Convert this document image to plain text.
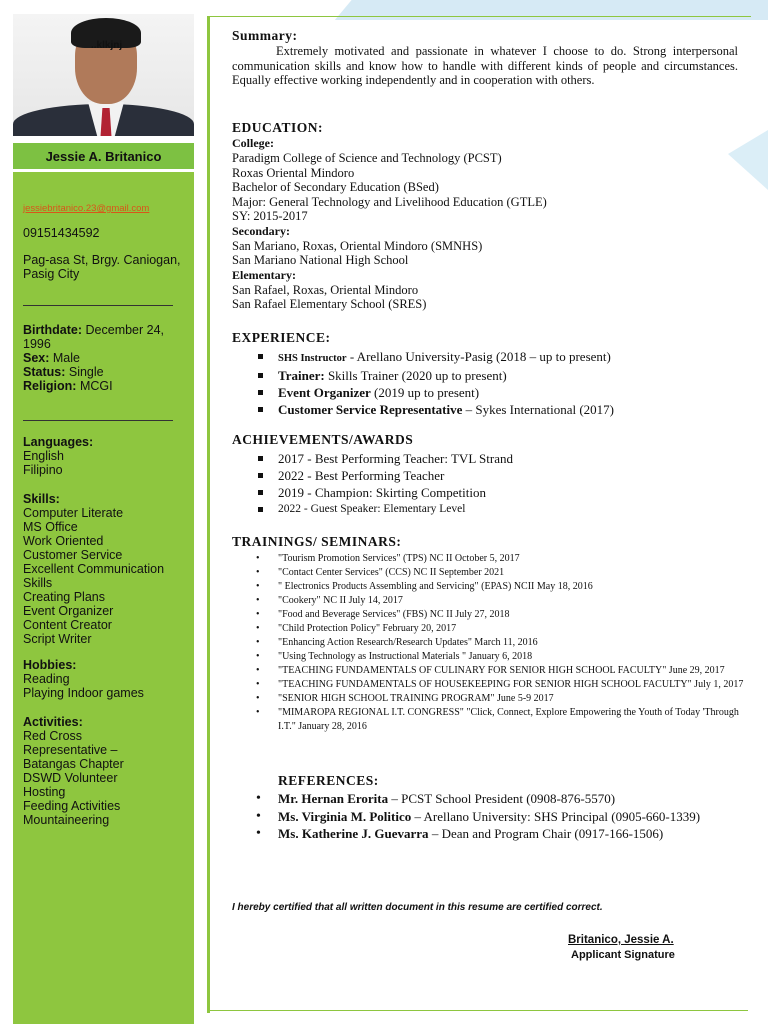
..klkjnj
Jessie A. Britanico
jessiebritanico.23@gmail.com
09151434592
Pag-asa St, Brgy. Caniogan, Pasig City
Birthdate: December 24, 1996
Sex: Male
Status: Single
Religion: MCGI
Languages:
English
Filipino
Skills:
Computer Literate
MS Office
Work Oriented
Customer Service
Excellent Communication
Skills
Creating Plans
Event Organizer
Content Creator
Script Writer
Hobbies:
Reading
Playing Indoor games
Activities:
Red Cross
Representative –
Batangas Chapter
DSWD Volunteer
Hosting
Feeding Activities
Mountaineering
Summary:
Extremely motivated and passionate in whatever I choose to do. Strong interpersonal communication skills and know how to handle with different kinds of people and circumstances. Equally effective working independently and in cooperation with others.
EDUCATION:
College:
Paradigm College of Science and Technology (PCST)
Roxas Oriental Mindoro
Bachelor of Secondary Education (BSed)
Major: General Technology and Livelihood Education (GTLE)
SY: 2015-2017
Secondary:
San Mariano, Roxas, Oriental Mindoro (SMNHS)
San Mariano National High School
Elementary:
San Rafael, Roxas, Oriental Mindoro
San Rafael Elementary School (SRES)
EXPERIENCE:
SHS Instructor - Arellano University-Pasig (2018 – up to present)
Trainer: Skills Trainer (2020 up to present)
Event Organizer (2019 up to present)
Customer Service Representative – Sykes International (2017)
ACHIEVEMENTS/AWARDS
2017 - Best Performing Teacher: TVL Strand
2022 - Best Performing Teacher
2019 - Champion: Skirting Competition
2022 - Guest Speaker: Elementary Level
TRAININGS/ SEMINARS:
• "Tourism Promotion Services" (TPS) NC II October 5, 2017
• "Contact Center Services" (CCS) NC II September 2021
• " Electronics Products Assembling and Servicing" (EPAS) NCII May 18, 2016
• "Cookery" NC II July 14, 2017
• "Food and Beverage Services" (FBS) NC II July 27, 2018
• "Child Protection Policy" February 20, 2017
• "Enhancing Action Research/Research Updates" March 11, 2016
• "Using Technology as Instructional Materials " January 6, 2018
• "TEACHING FUNDAMENTALS OF CULINARY FOR SENIOR HIGH SCHOOL FACULTY" June 29, 2017
• "TEACHING FUNDAMENTALS OF HOUSEKEEPING FOR SENIOR HIGH SCHOOL FACULTY" July 1, 2017
• "SENIOR HIGH SCHOOL TRAINING PROGRAM" June 5-9 2017
• "MIMAROPA REGIONAL I.T. CONGRESS" "Click, Connect, Explore Empowering the Youth of Today 'Through I.T." January 28, 2016
REFERENCES:
• Mr. Hernan Erorita – PCST School President (0908-876-5570)
• Ms. Virginia M. Politico – Arellano University: SHS Principal (0905-660-1339)
• Ms. Katherine J. Guevarra – Dean and Program Chair (0917-166-1506)
I hereby certified that all written document in this resume are certified correct.
Britanico, Jessie A.
Applicant Signature
